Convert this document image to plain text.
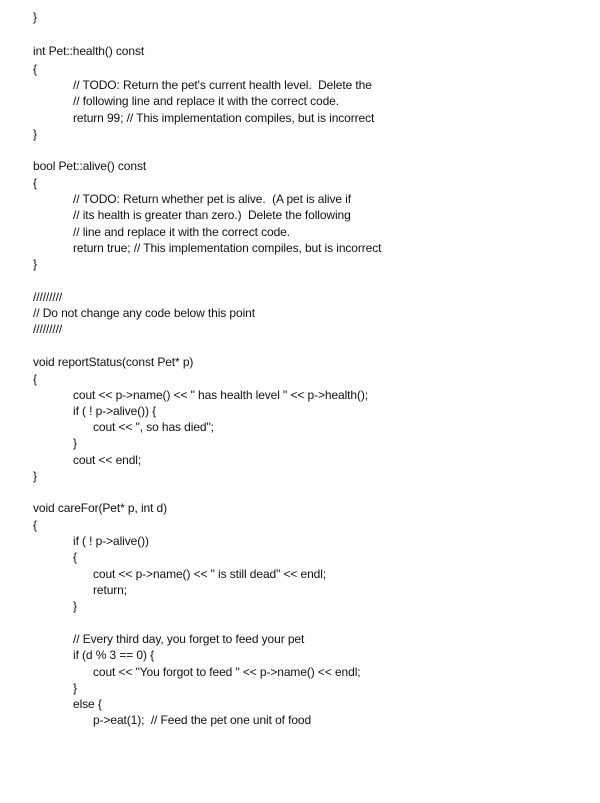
}
int Pet::health() const
{
// TODO: Return the pet's current health level.  Delete the
// following line and replace it with the correct code.
return 99; // This implementation compiles, but is incorrect
}
bool Pet::alive() const
{
// TODO: Return whether pet is alive.  (A pet is alive if
// its health is greater than zero.)  Delete the following
// line and replace it with the correct code.
return true; // This implementation compiles, but is incorrect
}
/////////
// Do not change any code below this point
/////////
void reportStatus(const Pet* p)
{
cout << p->name() << " has health level " << p->health();
if ( ! p->alive()) {
cout << ", so has died";
}
cout << endl;
}
void careFor(Pet* p, int d)
{
if ( ! p->alive())
{
cout << p->name() << " is still dead" << endl;
return;
}
// Every third day, you forget to feed your pet
if (d % 3 == 0) {
cout << "You forgot to feed " << p->name() << endl;
}
else {
p->eat(1);  // Feed the pet one unit of food
